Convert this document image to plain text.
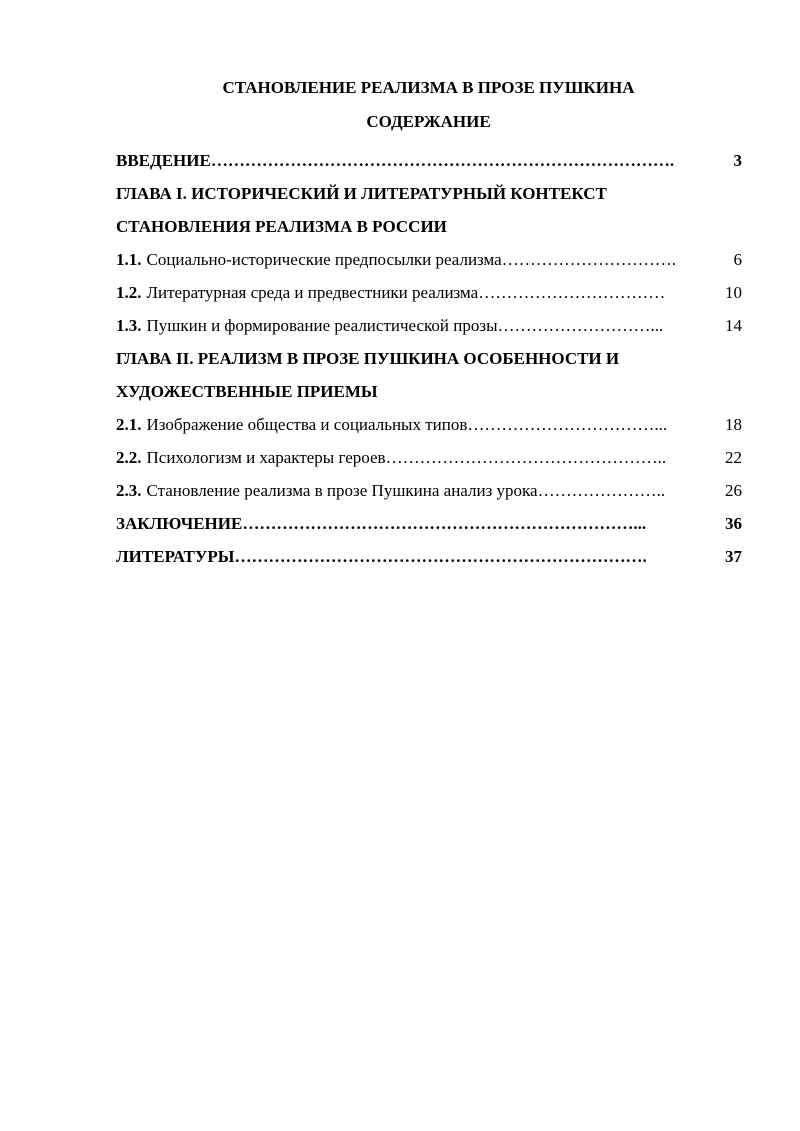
СТАНОВЛЕНИЕ РЕАЛИЗМА В ПРОЗЕ ПУШКИНА
СОДЕРЖАНИЕ
ВВЕДЕНИЕ ……………………………………………………………………….	3
ГЛАВА I. ИСТОРИЧЕСКИЙ И ЛИТЕРАТУРНЫЙ КОНТЕКСТ
СТАНОВЛЕНИЯ РЕАЛИЗМА В РОССИИ
1.1. Социально-исторические предпосылки реализма ………………………….	6
1.2. Литературная среда и предвестники реализма ……………………………	10
1.3. Пушкин и формирование реалистической прозы ………………………...	14
ГЛАВА II. РЕАЛИЗМ В ПРОЗЕ ПУШКИНА ОСОБЕННОСТИ И
ХУДОЖЕСТВЕННЫЕ ПРИЕМЫ
2.1. Изображение общества и социальных типов ……………………………...	18
2.2. Психологизм и характеры героев …………………………………………..	22
2.3. Становление реализма в прозе Пушкина анализ урока …………………..	26
ЗАКЛЮЧЕНИЕ ……………………………………………………………...	36
ЛИТЕРАТУРЫ ……………………………………………………………….	37
